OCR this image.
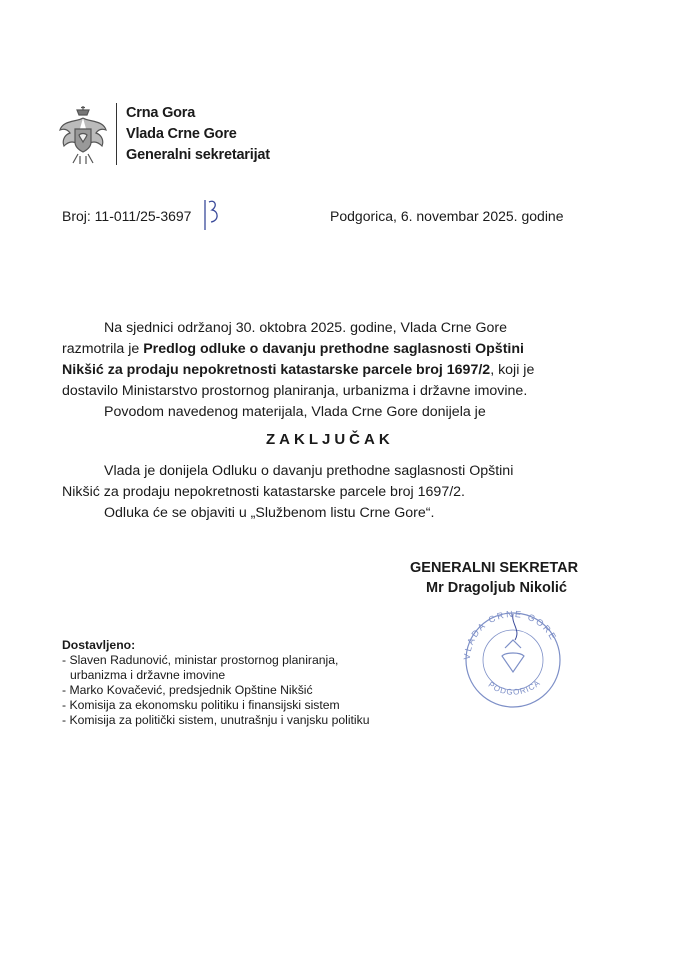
Crna Gora
Vlada Crne Gore
Generalni sekretarijat
Broj: 11-011/25-3697	Podgorica, 6. novembar 2025. godine
Na sjednici održanoj 30. oktobra 2025. godine, Vlada Crne Gore
razmotrila je Predlog odluke o davanju prethodne saglasnosti Opštini
Nikšić za prodaju nepokretnosti katastarske parcele broj 1697/2, koji je
dostavilo Ministarstvo prostornog planiranja, urbanizma i državne imovine.
Povodom navedenog materijala, Vlada Crne Gore donijela je
ZAKLJUČAK
Vlada je donijela Odluku o davanju prethodne saglasnosti Opštini
Nikšić za prodaju nepokretnosti katastarske parcele broj 1697/2.
Odluka će se objaviti u „Službenom listu Crne Gore“.
GENERALNI SEKRETAR
Mr Dragoljub Nikolić
VLADA CRNE GORE
PODGORICA
Dostavljeno:
- Slaven Radunović, ministar prostornog planiranja,
urbanizma i državne imovine
- Marko Kovačević, predsjednik Opštine Nikšić
- Komisija za ekonomsku politiku i finansijski sistem
- Komisija za politički sistem, unutrašnju i vanjsku politiku
